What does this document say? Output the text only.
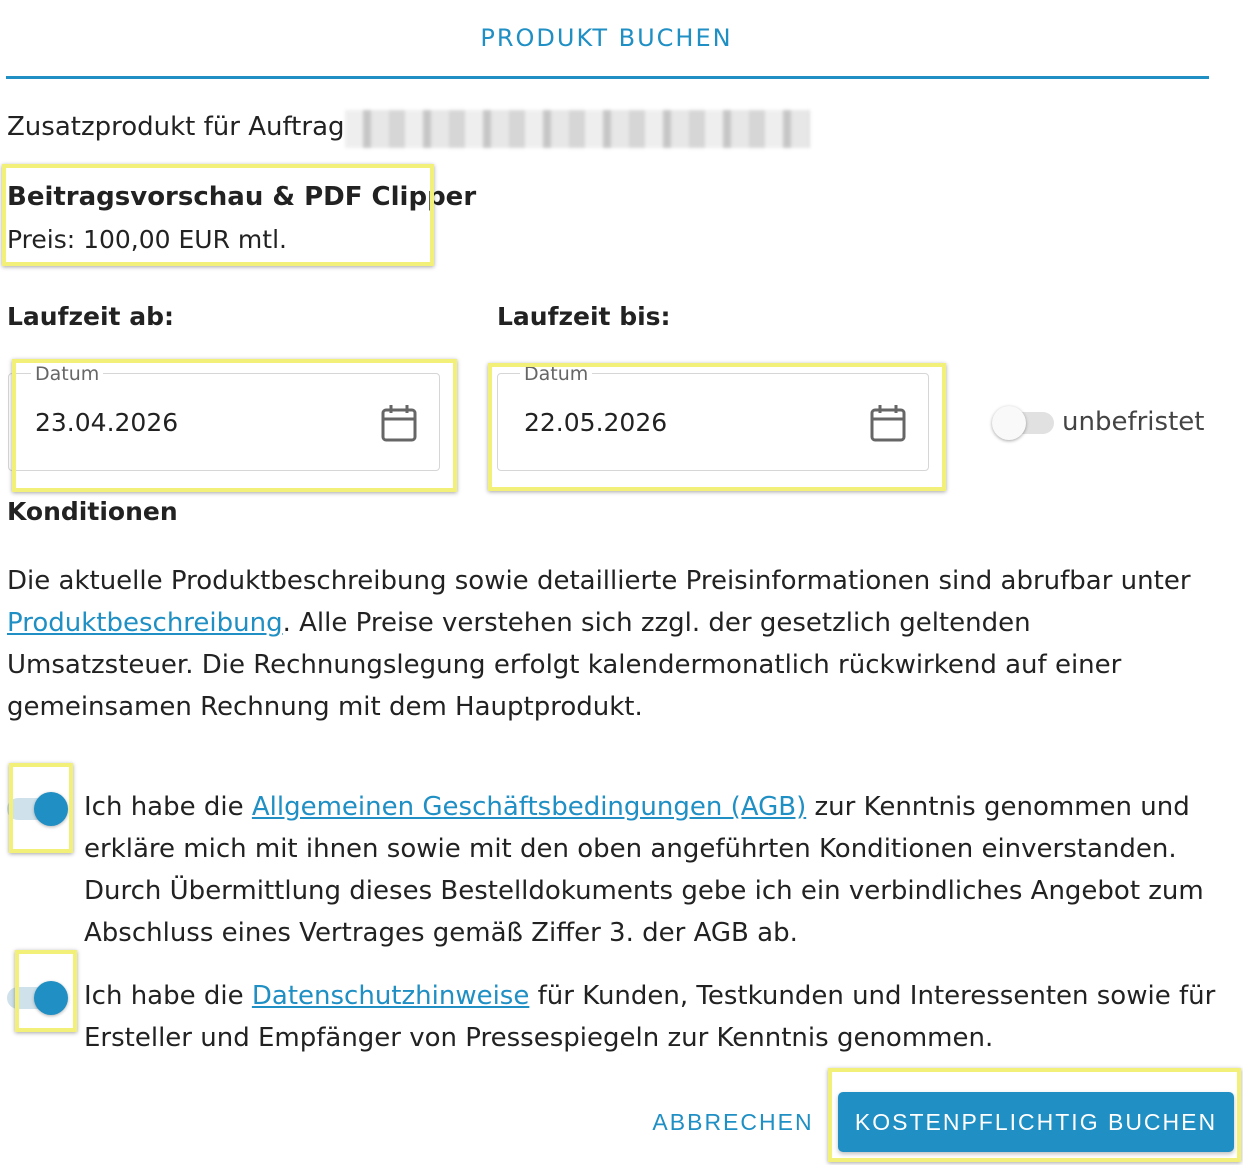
PRODUKT BUCHEN
Zusatzprodukt für Auftrag
Beitragsvorschau & PDF Clipper
Preis: 100,00 EUR mtl.
Laufzeit ab:	Laufzeit bis:
Datum
23.04.2026
Datum
22.05.2026	unbefristet
Konditionen
Die aktuelle Produktbeschreibung sowie detaillierte Preisinformationen sind abrufbar unter Produktbeschreibung. Alle Preise verstehen sich zzgl. der gesetzlich geltenden Umsatzsteuer. Die Rechnungslegung erfolgt kalendermonatlich rückwirkend auf einer gemeinsamen Rechnung mit dem Hauptprodukt.
Ich habe die Allgemeinen Geschäftsbedingungen (AGB) zur Kenntnis genommen und erkläre mich mit ihnen sowie mit den oben angeführten Konditionen einverstanden. Durch Übermittlung dieses Bestelldokuments gebe ich ein verbindliches Angebot zum Abschluss eines Vertrages gemäß Ziffer 3. der AGB ab.
Ich habe die Datenschutzhinweise für Kunden, Testkunden und Interessenten sowie für Ersteller und Empfänger von Pressespiegeln zur Kenntnis genommen.
ABBRECHEN	KOSTENPFLICHTIG BUCHEN
